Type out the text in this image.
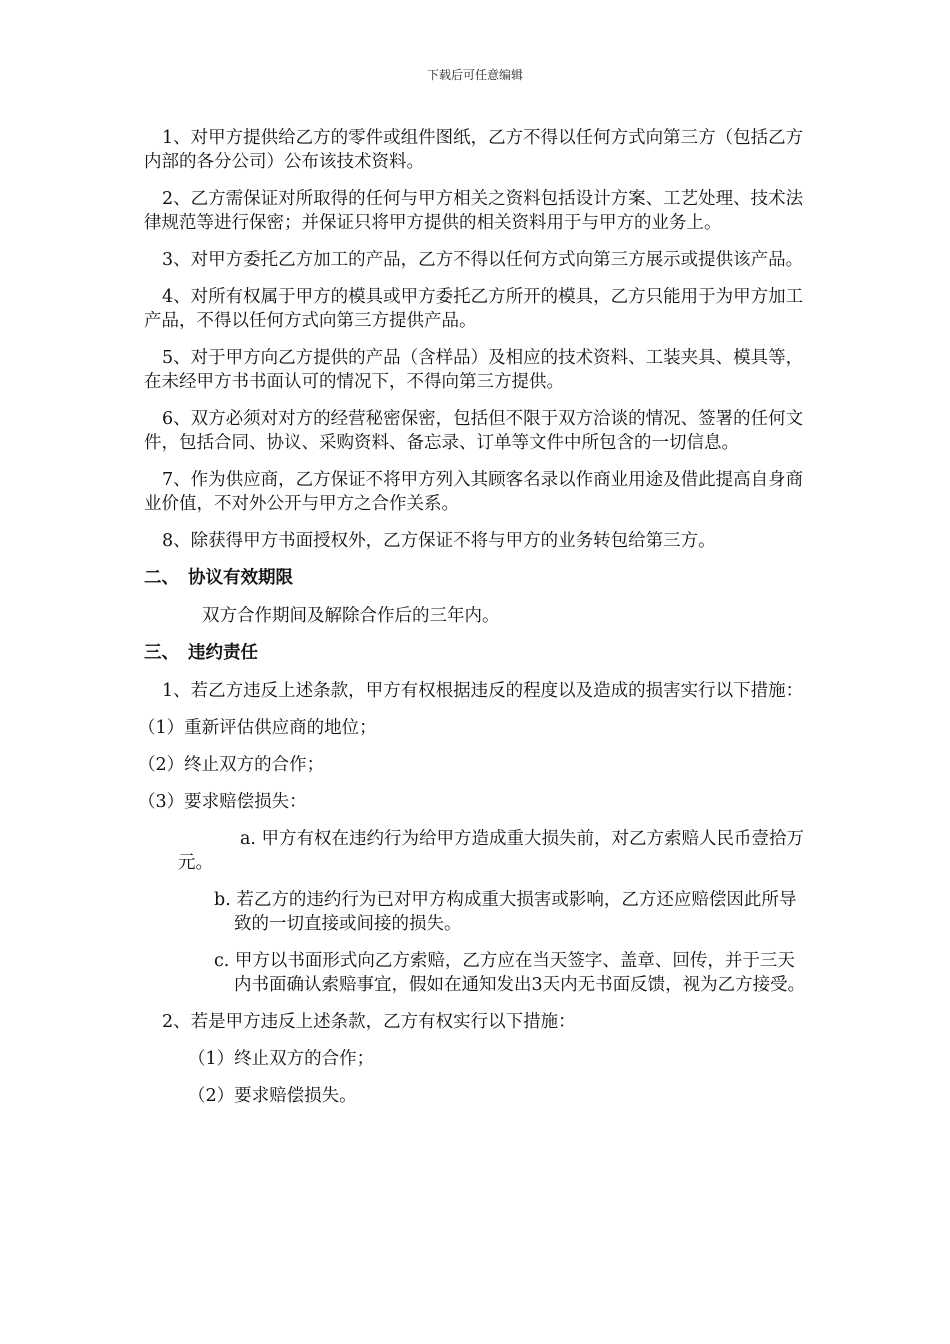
下载后可任意编辑

1、对甲方提供给乙方的零件或组件图纸，乙方不得以任何方式向第三方（包括乙方内部的各分公司）公布该技术资料。

2、乙方需保证对所取得的任何与甲方相关之资料包括设计方案、工艺处理、技术法律规范等进行保密；并保证只将甲方提供的相关资料用于与甲方的业务上。

3、对甲方委托乙方加工的产品，乙方不得以任何方式向第三方展示或提供该产品。

4、对所有权属于甲方的模具或甲方委托乙方所开的模具，乙方只能用于为甲方加工产品，不得以任何方式向第三方提供产品。

5、对于甲方向乙方提供的产品（含样品）及相应的技术资料、工装夹具、模具等，在未经甲方书书面认可的情况下，不得向第三方提供。

6、双方必须对对方的经营秘密保密，包括但不限于双方洽谈的情况、签署的任何文件，包括合同、协议、采购资料、备忘录、订单等文件中所包含的一切信息。

7、作为供应商，乙方保证不将甲方列入其顾客名录以作商业用途及借此提高自身商业价值，不对外公开与甲方之合作关系。

8、除获得甲方书面授权外，乙方保证不将与甲方的业务转包给第三方。

二、 协议有效期限

双方合作期间及解除合作后的三年内。

三、 违约责任

1、若乙方违反上述条款，甲方有权根据违反的程度以及造成的损害实行以下措施：

（1）重新评估供应商的地位；

（2）终止双方的合作；

（3）要求赔偿损失：

a. 甲方有权在违约行为给甲方造成重大损失前，对乙方索赔人民币壹拾万元。

b. 若乙方的违约行为已对甲方构成重大损害或影响，乙方还应赔偿因此所导致的一切直接或间接的损失。

c. 甲方以书面形式向乙方索赔，乙方应在当天签字、盖章、回传，并于三天内书面确认索赔事宜，假如在通知发出3天内无书面反馈，视为乙方接受。

2、若是甲方违反上述条款，乙方有权实行以下措施：

（1）终止双方的合作；

（2）要求赔偿损失。
